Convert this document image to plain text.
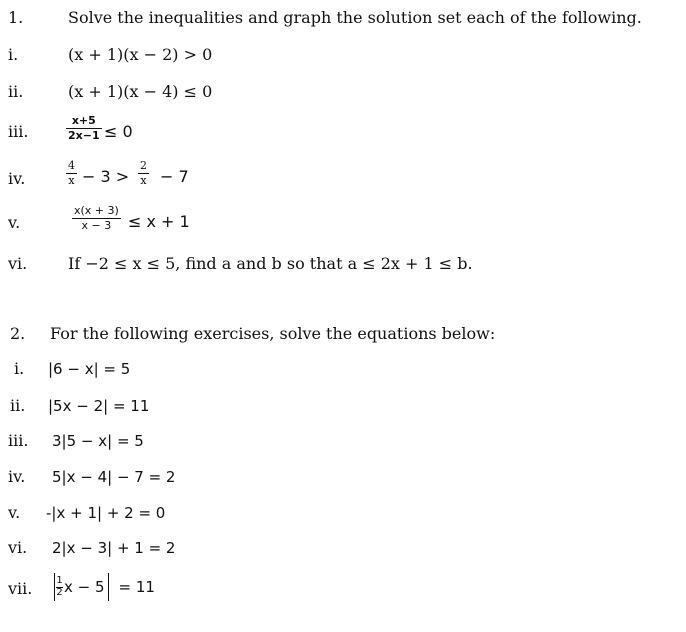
1.	Solve the inequalities and graph the solution set each of the following.
i.	(x + 1)(x − 2) > 0
ii.	(x + 1)(x − 4) ≤ 0
iii.
x+5
2x−1 ≤ 0
iv.
4
x − 3 >
2
x − 7
v.
x(x + 3)
x − 3 ≤ x + 1
vi.	If −2 ≤ x ≤ 5, find a and b so that a ≤ 2x + 1 ≤ b.
2. For the following exercises, solve the equations below:
i. |6 − x| = 5
ii. |5x − 2| = 11
iii. 3|5 − x| = 5
iv. 5|x − 4| − 7 = 2
v. -|x + 1| + 2 = 0
vi. 2|x − 3| + 1 = 2
vii. 1
2 x − 5 = 11
